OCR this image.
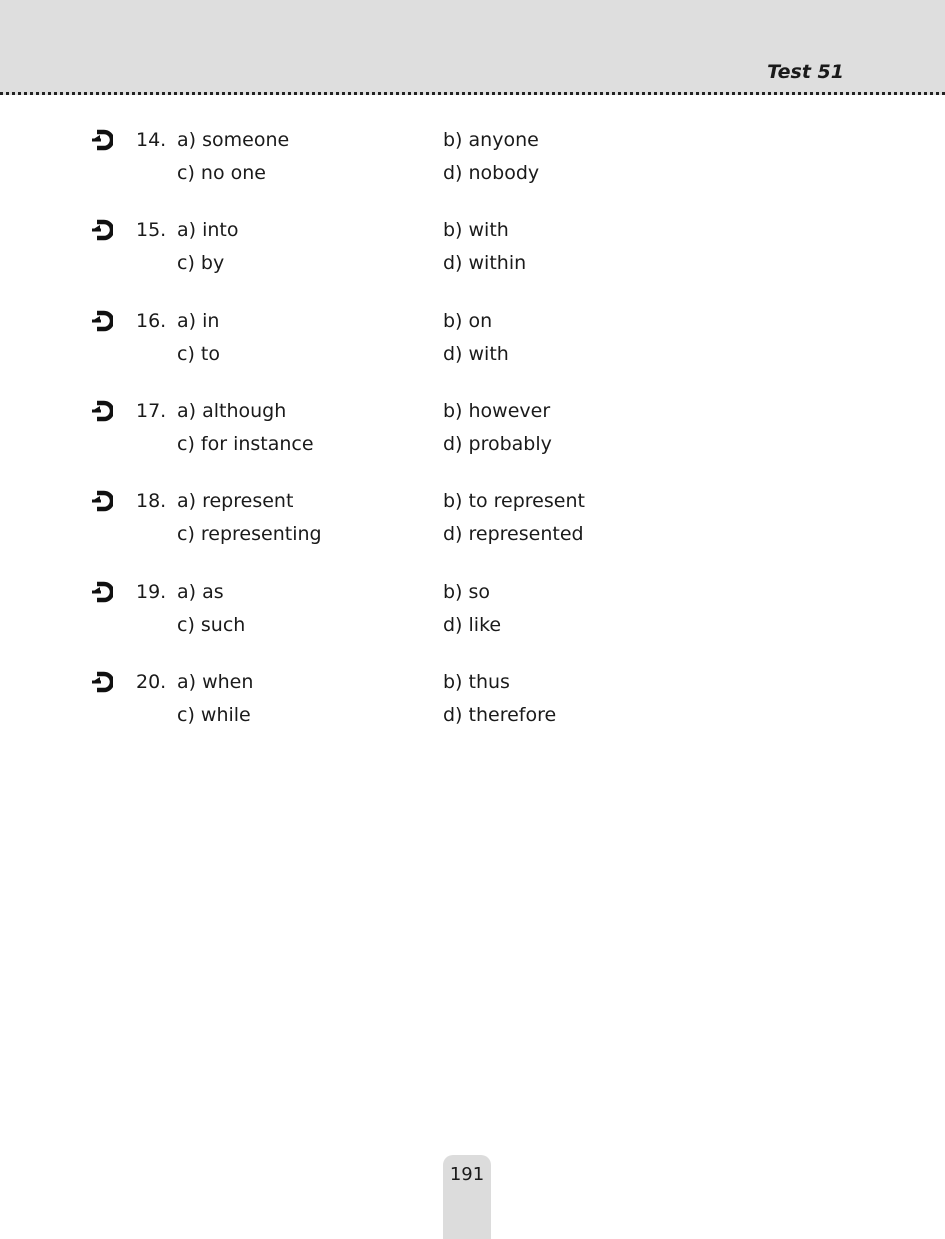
Test 51
14. a) someone	b) anyone
c) no one	d) nobody
15. a) into	b) with
c) by	d) within
16. a) in	b) on
c) to	d) with
17. a) although	b) however
c) for instance	d) probably
18. a) represent	b) to represent
c) representing	d) represented
19. a) as	b) so
c) such	d) like
20. a) when	b) thus
c) while	d) therefore
191
